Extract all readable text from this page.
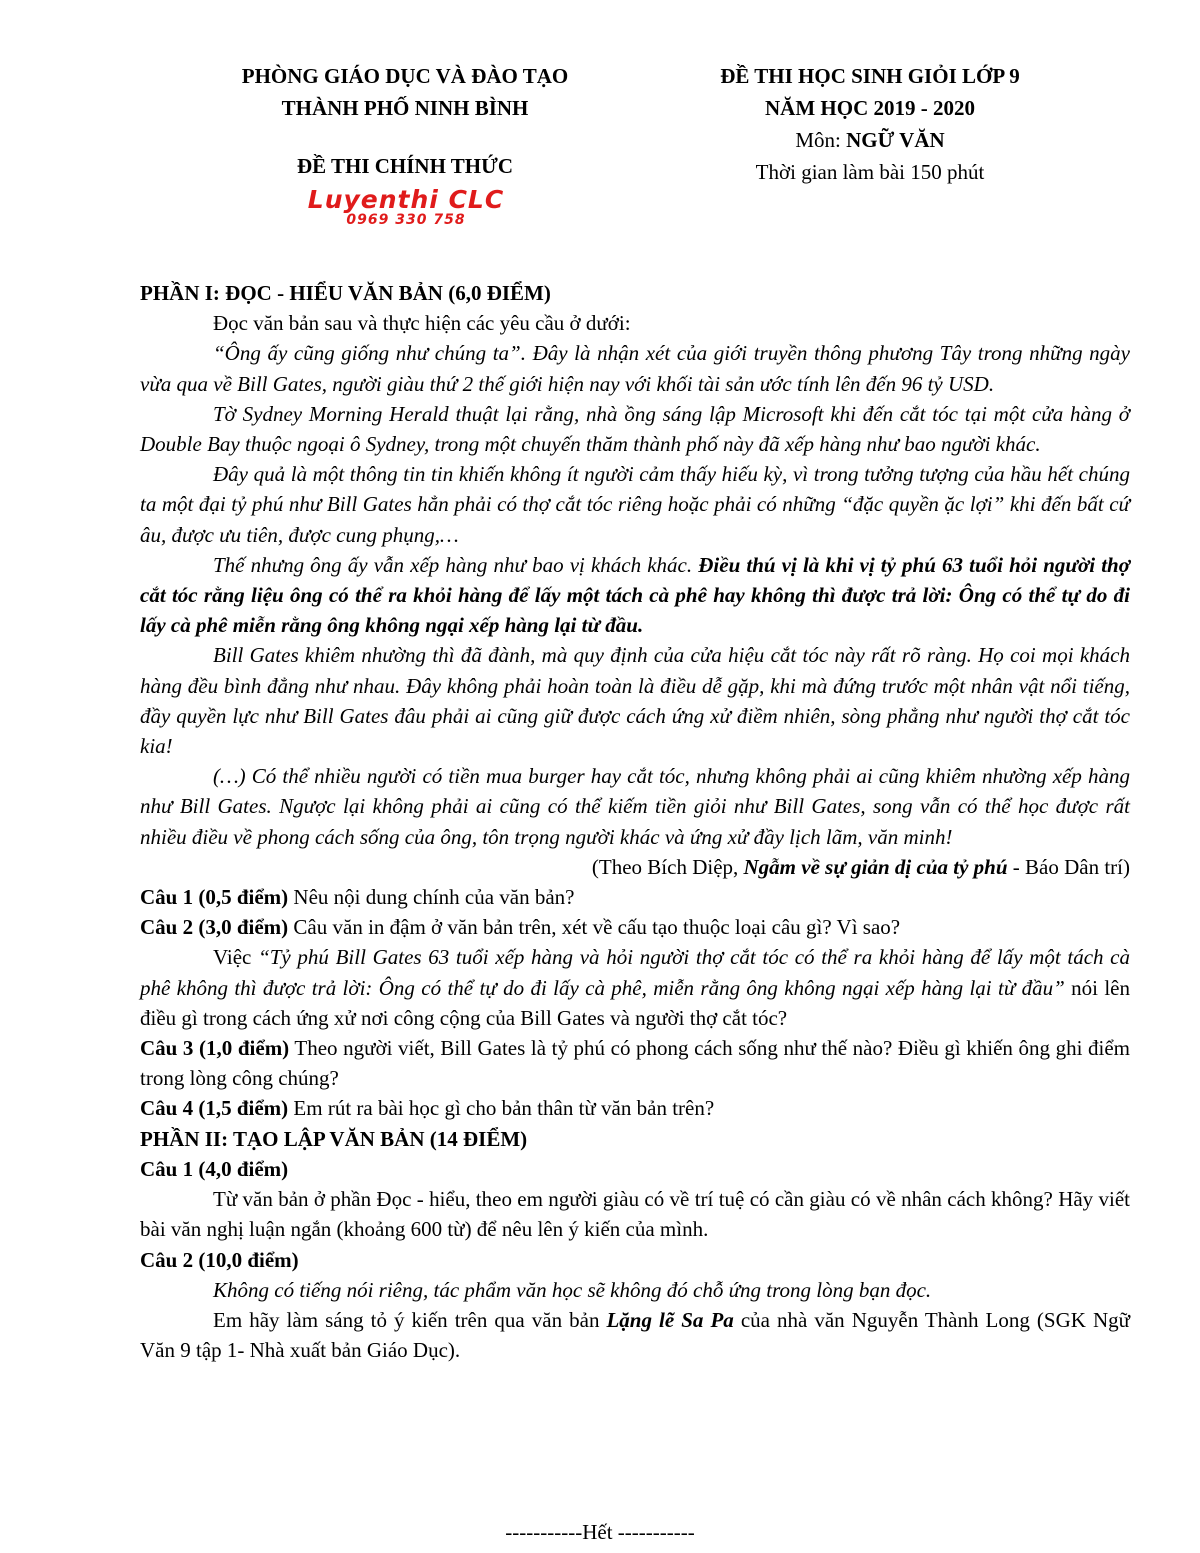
PHÒNG GIÁO DỤC VÀ ĐÀO TẠO
THÀNH PHỐ NINH BÌNH
ĐỀ THI CHÍNH THỨC
Luyenthi CLC
0969 330 758
ĐỀ THI HỌC SINH GIỎI LỚP 9
NĂM HỌC 2019 - 2020
Môn: NGỮ VĂN
Thời gian làm bài 150 phút

PHẦN I: ĐỌC - HIỂU VĂN BẢN (6,0 ĐIỂM)

Đọc văn bản sau và thực hiện các yêu cầu ở dưới:

“Ông ấy cũng giống như chúng ta”. Đây là nhận xét của giới truyền thông phương Tây trong những ngày vừa qua về Bill Gates, người giàu thứ 2 thế giới hiện nay với khối tài sản ước tính lên đến 96 tỷ USD.

Tờ Sydney Morning Herald thuật lại rằng, nhà ồng sáng lập Microsoft khi đến cắt tóc tại một cửa hàng ở Double Bay thuộc ngoại ô Sydney, trong một chuyến thăm thành phố này đã xếp hàng như bao người khác.

Đây quả là một thông tin tin khiến không ít người cảm thấy hiếu kỳ, vì trong tưởng tượng của hầu hết chúng ta một đại tỷ phú như Bill Gates hẳn phải có thợ cắt tóc riêng hoặc phải có những “đặc quyền ặc lợi” khi đến bất cứ âu, được ưu tiên, được cung phụng,…

Thế nhưng ông ấy vẫn xếp hàng như bao vị khách khác. Điều thú vị là khi vị tỷ phú 63 tuổi hỏi người thợ cắt tóc rằng liệu ông có thể ra khỏi hàng để lấy một tách cà phê hay không thì được trả lời: Ông có thể tự do đi lấy cà phê miễn rằng ông không ngại xếp hàng lại từ đầu.

Bill Gates khiêm nhường thì đã đành, mà quy định của cửa hiệu cắt tóc này rất rõ ràng. Họ coi mọi khách hàng đều bình đẳng như nhau. Đây không phải hoàn toàn là điều dễ gặp, khi mà đứng trước một nhân vật nổi tiếng, đầy quyền lực như Bill Gates đâu phải ai cũng giữ được cách ứng xử điềm nhiên, sòng phẳng như người thợ cắt tóc kia!

(…) Có thể nhiều người có tiền mua burger hay cắt tóc, nhưng không phải ai cũng khiêm nhường xếp hàng như Bill Gates. Ngược lại không phải ai cũng có thể kiếm tiền giỏi như Bill Gates, song vẫn có thể học được rất nhiều điều về phong cách sống của ông, tôn trọng người khác và ứng xử đầy lịch lãm, văn minh!

(Theo Bích Diệp, Ngẫm về sự giản dị của tỷ phú - Báo Dân trí)

Câu 1 (0,5 điểm) Nêu nội dung chính của văn bản?

Câu 2 (3,0 điểm) Câu văn in đậm ở văn bản trên, xét về cấu tạo thuộc loại câu gì? Vì sao?

Việc “Tỷ phú Bill Gates 63 tuổi xếp hàng và hỏi người thợ cắt tóc có thể ra khỏi hàng để lấy một tách cà phê không thì được trả lời: Ông có thể tự do đi lấy cà phê, miễn rằng ông không ngại xếp hàng lại từ đầu” nói lên điều gì trong cách ứng xử nơi công cộng của Bill Gates và người thợ cắt tóc?

Câu 3 (1,0 điểm) Theo người viết, Bill Gates là tỷ phú có phong cách sống như thế nào? Điều gì khiến ông ghi điểm trong lòng công chúng?

Câu 4 (1,5 điểm) Em rút ra bài học gì cho bản thân từ văn bản trên?

PHẦN II: TẠO LẬP VĂN BẢN (14 ĐIỂM)

Câu 1 (4,0 điểm)

Từ văn bản ở phần Đọc - hiểu, theo em người giàu có về trí tuệ có cần giàu có về nhân cách không? Hãy viết bài văn nghị luận ngắn (khoảng 600 từ) để nêu lên ý kiến của mình.

Câu 2 (10,0 điểm)

Không có tiếng nói riêng, tác phẩm văn học sẽ không đó chỗ ứng trong lòng bạn đọc.

Em hãy làm sáng tỏ ý kiến trên qua văn bản Lặng lẽ Sa Pa của nhà văn Nguyễn Thành Long (SGK Ngữ Văn 9 tập 1- Nhà xuất bản Giáo Dục).

-----------Hết -----------
